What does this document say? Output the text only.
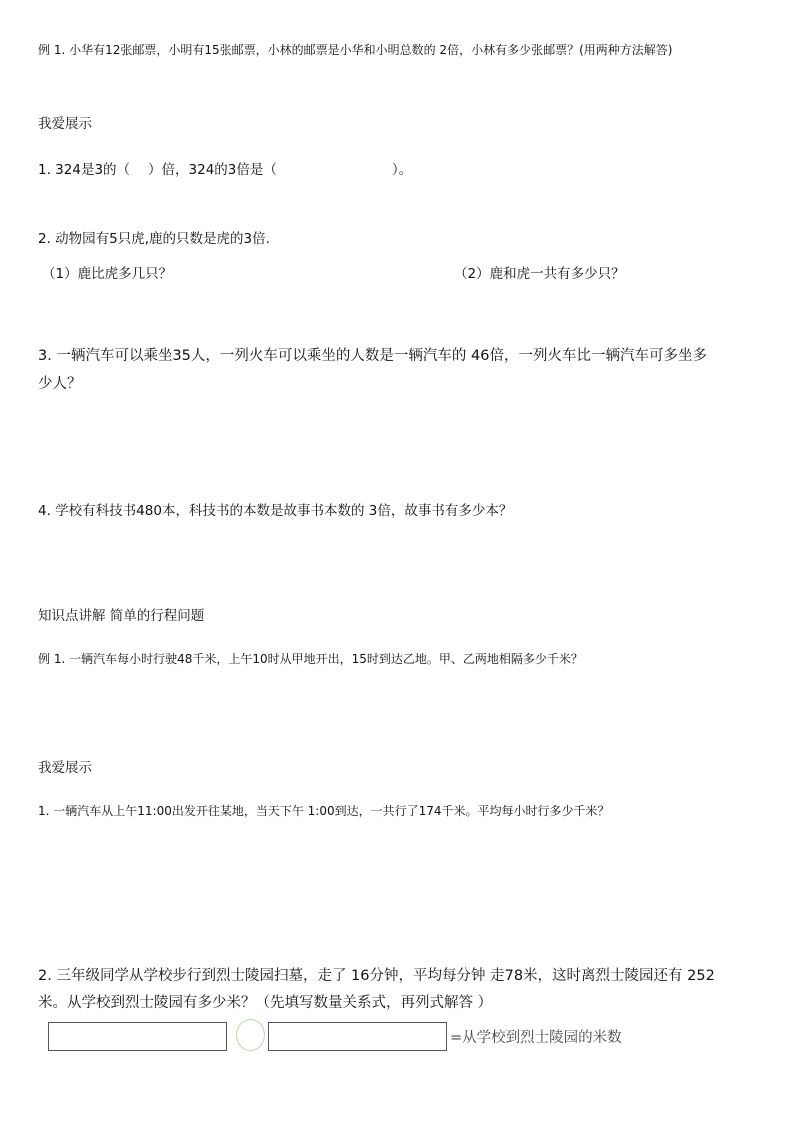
例 1. 小华有12张邮票，小明有15张邮票，小林的邮票是小华和小明总数的 2倍，小林有多少张邮票？(用两种方法解答)
我爱展示
1. 324是3的（ ）倍，324的3倍是（	）。
2. 动物园有5只虎,鹿的只数是虎的3倍.
（1）鹿比虎多几只？	（2）鹿和虎一共有多少只？
3. 一辆汽车可以乘坐35人，一列火车可以乘坐的人数是一辆汽车的 46倍，一列火车比一辆汽车可多坐多
少人？
4. 学校有科技书480本，科技书的本数是故事书本数的 3倍，故事书有多少本？
知识点讲解 简单的行程问题
例 1. 一辆汽车每小时行驶48千米，上午10时从甲地开出，15时到达乙地。甲、乙两地相隔多少千米？
我爱展示
1. 一辆汽车从上午11:00出发开往某地，当天下午 1:00到达，一共行了174千米。平均每小时行多少千米？
2. 三年级同学从学校步行到烈士陵园扫墓，走了 16分钟，平均每分钟 走78米，这时离烈士陵园还有 252
米。从学校到烈士陵园有多少米？（先填写数量关系式，再列式解答 ）
=从学校到烈士陵园的米数
